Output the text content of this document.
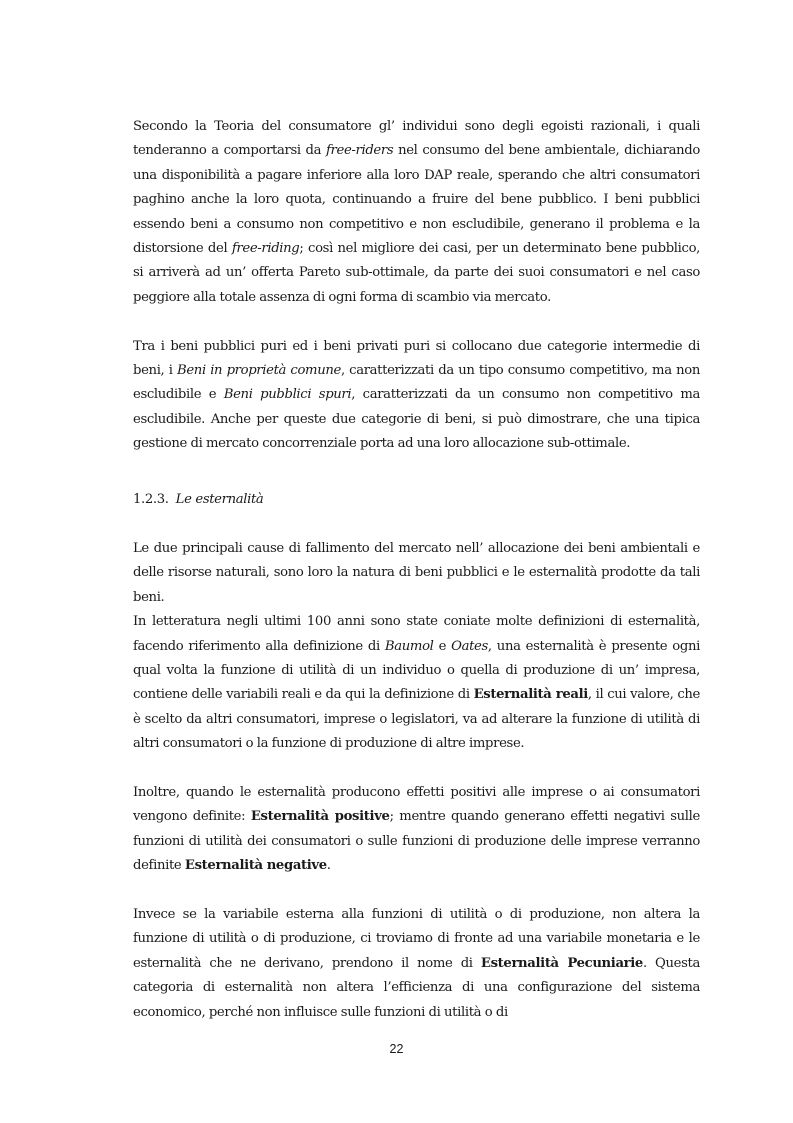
Secondo la Teoria del consumatore gl’ individui sono degli egoisti razionali, i quali tenderanno a comportarsi da free-riders nel consumo del bene ambientale, dichiarando una disponibilità a pagare inferiore alla loro DAP reale, sperando che altri consumatori paghino anche la loro quota, continuando a fruire del bene pubblico. I beni pubblici essendo beni a consumo non competitivo e non escludibile, generano il problema e la distorsione del free-riding; così nel migliore dei casi, per un determinato bene pubblico, si arriverà ad un’ offerta Pareto sub-ottimale, da parte dei suoi consumatori e nel caso peggiore alla totale assenza di ogni forma di scambio via mercato.

Tra i beni pubblici puri ed i beni privati puri si collocano due categorie intermedie di beni, i Beni in proprietà comune, caratterizzati da un tipo consumo competitivo, ma non escludibile e Beni pubblici spuri, caratterizzati da un consumo non competitivo ma escludibile. Anche per queste due categorie di beni, si può dimostrare, che una tipica gestione di mercato concorrenziale porta ad una loro allocazione sub-ottimale.

1.2.3. Le esternalità

Le due principali cause di fallimento del mercato nell’ allocazione dei beni ambientali e delle risorse naturali, sono loro la natura di beni pubblici e le esternalità prodotte da tali beni.

In letteratura negli ultimi 100 anni sono state coniate molte definizioni di esternalità, facendo riferimento alla definizione di Baumol e Oates, una esternalità è presente ogni qual volta la funzione di utilità di un individuo o quella di produzione di un’ impresa, contiene delle variabili reali e da qui la definizione di Esternalità reali, il cui valore, che è scelto da altri consumatori, imprese o legislatori, va ad alterare la funzione di utilità di altri consumatori o la funzione di produzione di altre imprese.

Inoltre, quando le esternalità producono effetti positivi alle imprese o ai consumatori vengono definite: Esternalità positive; mentre quando generano effetti negativi sulle funzioni di utilità dei consumatori o sulle funzioni di produzione delle imprese verranno definite Esternalità negative.

Invece se la variabile esterna alla funzioni di utilità o di produzione, non altera la funzione di utilità o di produzione, ci troviamo di fronte ad una variabile monetaria e le esternalità che ne derivano, prendono il nome di Esternalità Pecuniarie. Questa categoria di esternalità non altera l’efficienza di una configurazione del sistema economico, perché non influisce sulle funzioni di utilità o di

22
